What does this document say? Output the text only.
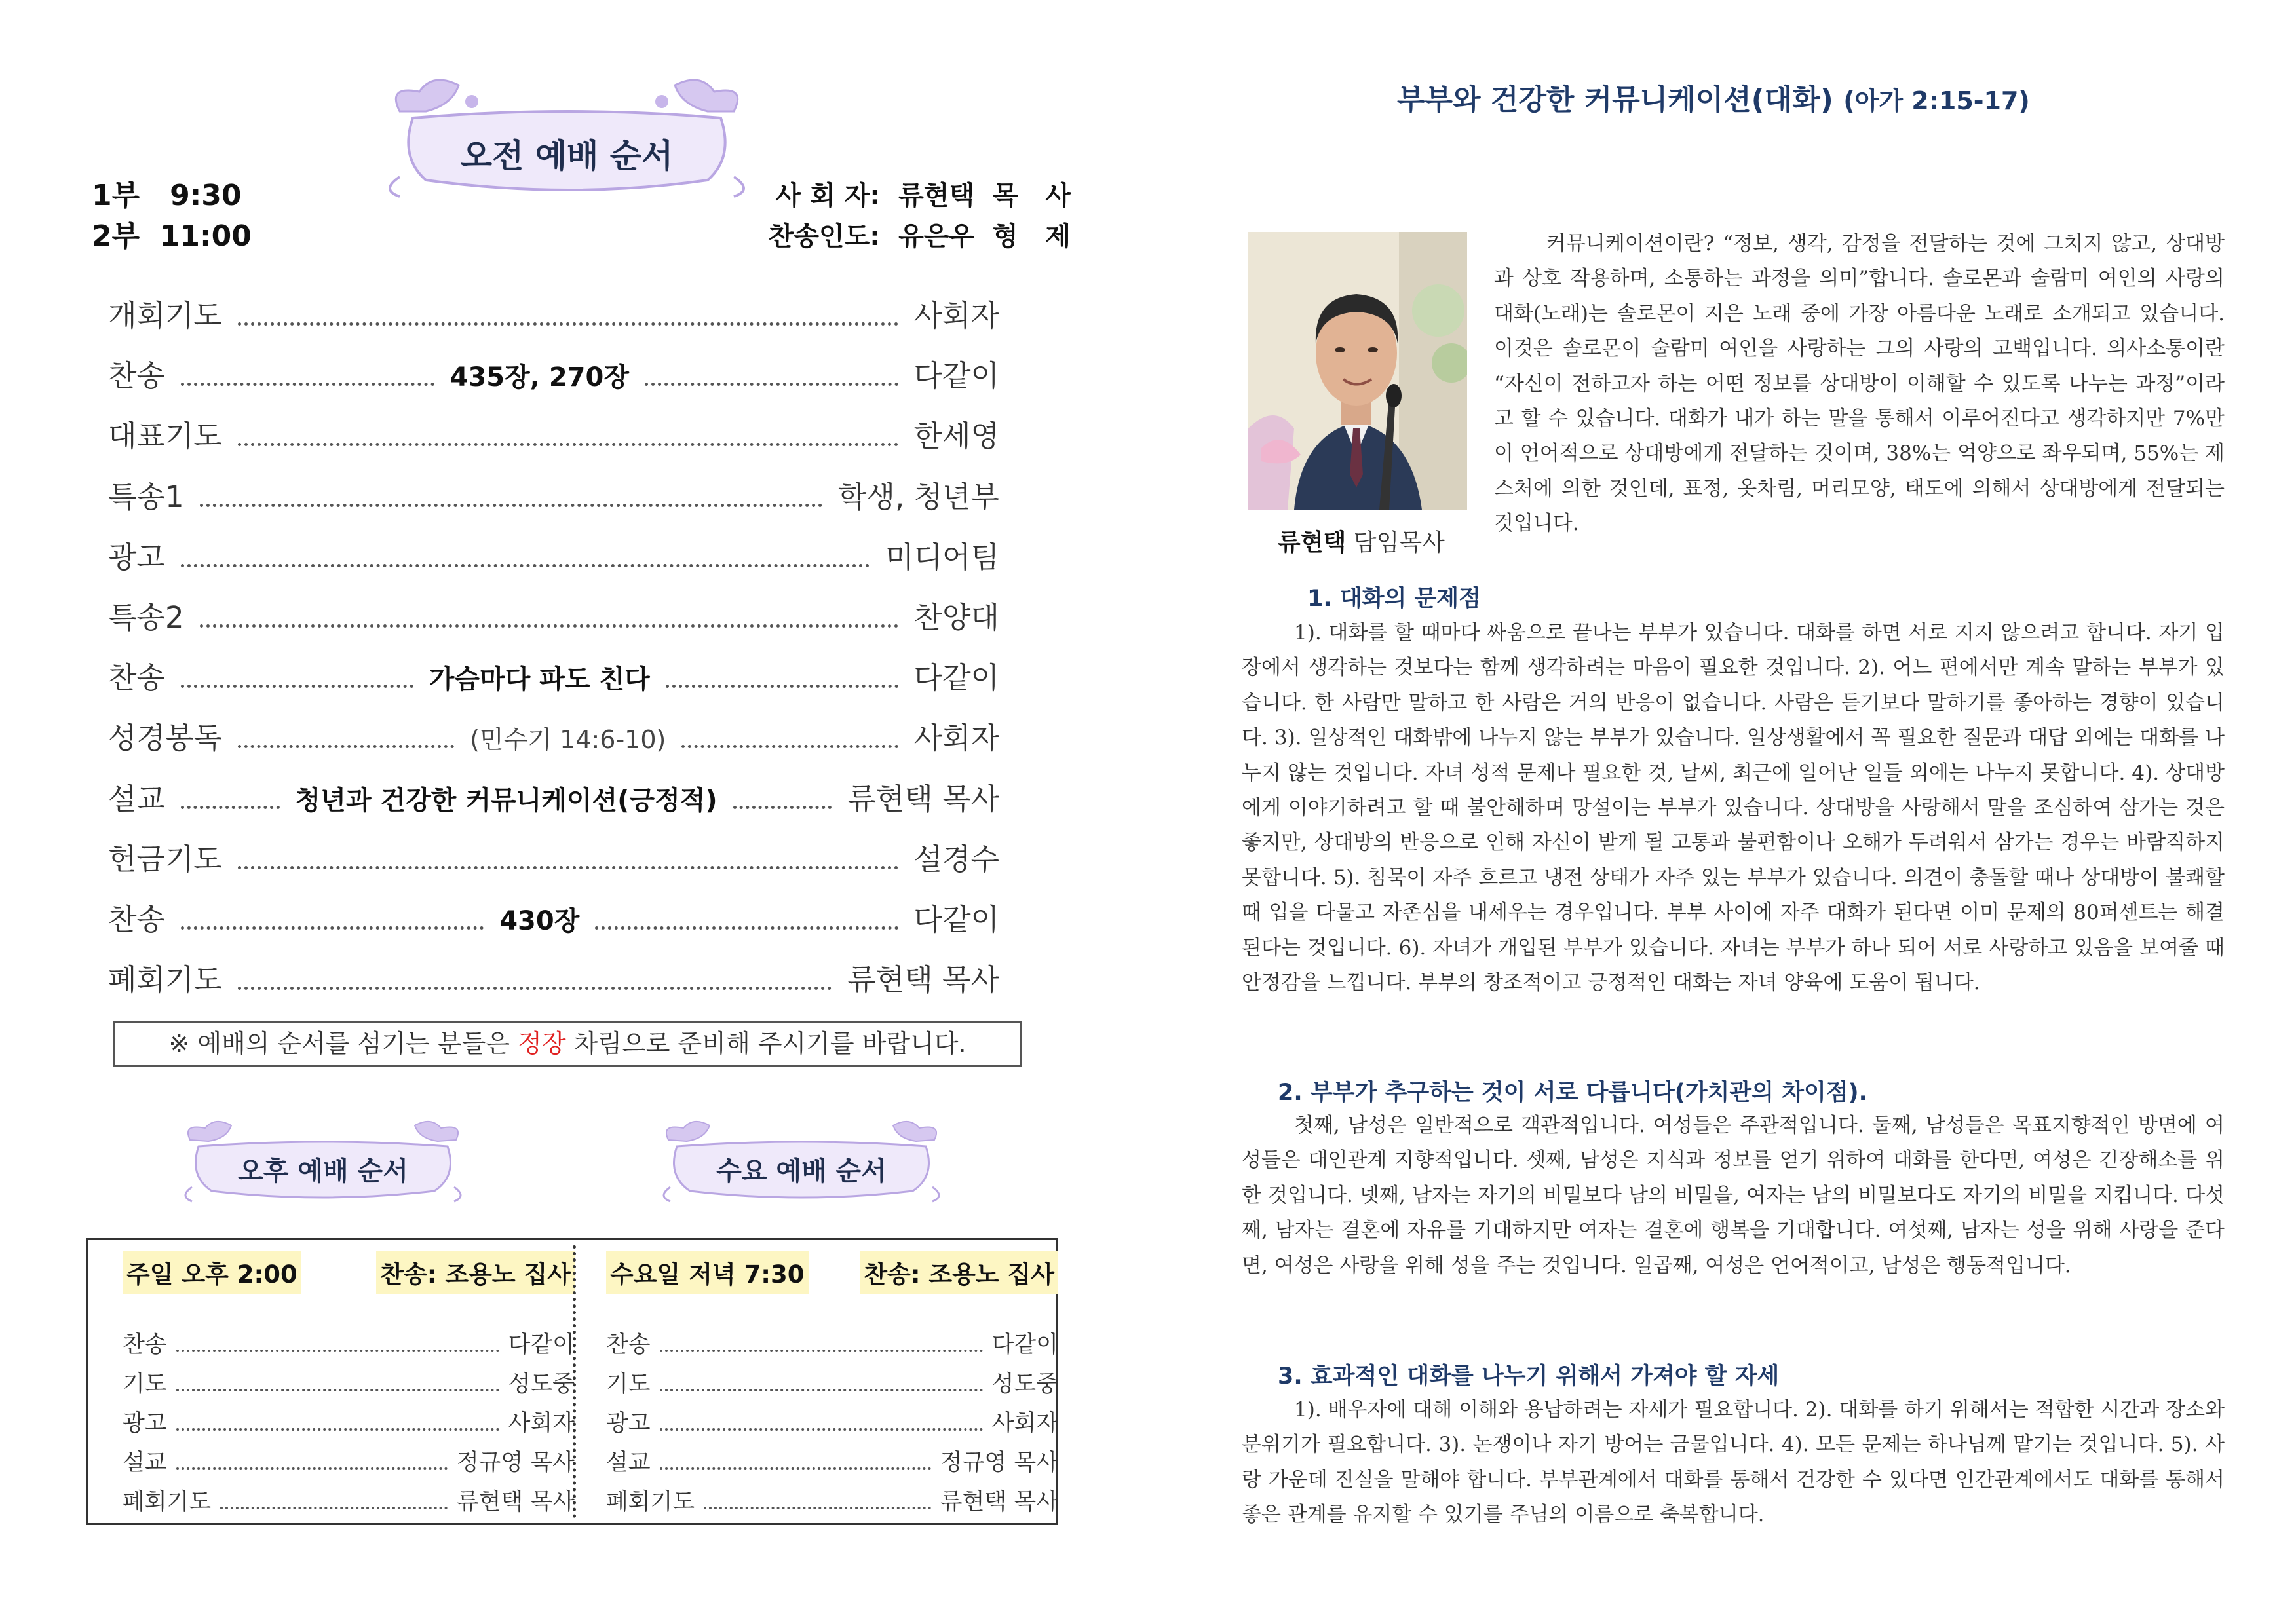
오전 예배 순서
1부   9:30
2부  11:00
사 회 자:  류현택  목   사
찬송인도:  유은우  형   제
개회기도	사회자
찬송	435장, 270장	다같이
대표기도	한세영
특송1	학생, 청년부
광고	미디어팀
특송2	찬양대
찬송	가슴마다 파도 친다	다같이
성경봉독	(민수기 14:6-10)	사회자
설교	청년과 건강한 커뮤니케이션(긍정적)	류현택 목사
헌금기도	설경수
찬송	430장	다같이
폐회기도	류현택 목사
※ 예배의 순서를 섬기는 분들은 정장 차림으로 준비해 주시기를 바랍니다.
오후 예배 순서	수요 예배 순서
주일 오후 2:00	찬송: 조용노 집사
찬송	다같이
기도	성도중
광고	사회자
설교	정규영 목사
폐회기도	류현택 목사
수요일 저녁 7:30 찬송: 조용노 집사
찬송	다같이
기도	성도중
광고	사회자
설교	정규영 목사
폐회기도	류현택 목사
부부와 건강한 커뮤니케이션(대화) (아가 2:15-17)
류현택 담임목사

커뮤니케이션이란? “정보, 생각, 감정을 전달하는 것에 그치지 않고, 상대방과 상호 작용하며, 소통하는 과정을 의미”합니다. 솔로몬과 술람미 여인의 사랑의 대화(노래)는 솔로몬이 지은 노래 중에 가장 아름다운 노래로 소개되고 있습니다. 이것은 솔로몬이 술람미 여인을 사랑하는 그의 사랑의 고백입니다. 의사소통이란 “자신이 전하고자 하는 어떤 정보를 상대방이 이해할 수 있도록 나누는 과정”이라고 할 수 있습니다. 대화가 내가 하는 말을 통해서 이루어진다고 생각하지만 7%만이 언어적으로 상대방에게 전달하는 것이며, 38%는 억양으로 좌우되며, 55%는 제스처에 의한 것인데, 표정, 옷차림, 머리모양, 태도에 의해서 상대방에게 전달되는 것입니다.

1. 대화의 문제점

1). 대화를 할 때마다 싸움으로 끝나는 부부가 있습니다. 대화를 하면 서로 지지 않으려고 합니다. 자기 입장에서 생각하는 것보다는 함께 생각하려는 마음이 필요한 것입니다. 2). 어느 편에서만 계속 말하는 부부가 있습니다. 한 사람만 말하고 한 사람은 거의 반응이 없습니다. 사람은 듣기보다 말하기를 좋아하는 경향이 있습니다. 3). 일상적인 대화밖에 나누지 않는 부부가 있습니다. 일상생활에서 꼭 필요한 질문과 대답 외에는 대화를 나누지 않는 것입니다. 자녀 성적 문제나 필요한 것, 날씨, 최근에 일어난 일들 외에는 나누지 못합니다. 4). 상대방에게 이야기하려고 할 때 불안해하며 망설이는 부부가 있습니다. 상대방을 사랑해서 말을 조심하여 삼가는 것은 좋지만, 상대방의 반응으로 인해 자신이 받게 될 고통과 불편함이나 오해가 두려워서 삼가는 경우는 바람직하지 못합니다. 5). 침묵이 자주 흐르고 냉전 상태가 자주 있는 부부가 있습니다. 의견이 충돌할 때나 상대방이 불쾌할 때 입을 다물고 자존심을 내세우는 경우입니다. 부부 사이에 자주 대화가 된다면 이미 문제의 80퍼센트는 해결된다는 것입니다. 6). 자녀가 개입된 부부가 있습니다. 자녀는 부부가 하나 되어 서로 사랑하고 있음을 보여줄 때 안정감을 느낍니다. 부부의 창조적이고 긍정적인 대화는 자녀 양육에 도움이 됩니다.

2. 부부가 추구하는 것이 서로 다릅니다(가치관의 차이점).

첫째, 남성은 일반적으로 객관적입니다. 여성들은 주관적입니다. 둘째, 남성들은 목표지향적인 방면에 여성들은 대인관계 지향적입니다. 셋째, 남성은 지식과 정보를 얻기 위하여 대화를 한다면, 여성은 긴장해소를 위한 것입니다. 넷째, 남자는 자기의 비밀보다 남의 비밀을, 여자는 남의 비밀보다도 자기의 비밀을 지킵니다. 다섯째, 남자는 결혼에 자유를 기대하지만 여자는 결혼에 행복을 기대합니다. 여섯째, 남자는 성을 위해 사랑을 준다면, 여성은 사랑을 위해 성을 주는 것입니다. 일곱째, 여성은 언어적이고, 남성은 행동적입니다.

3. 효과적인 대화를 나누기 위해서 가져야 할 자세

1). 배우자에 대해 이해와 용납하려는 자세가 필요합니다. 2). 대화를 하기 위해서는 적합한 시간과 장소와 분위기가 필요합니다. 3). 논쟁이나 자기 방어는 금물입니다. 4). 모든 문제는 하나님께 맡기는 것입니다. 5). 사랑 가운데 진실을 말해야 합니다. 부부관계에서 대화를 통해서 건강한 수 있다면 인간관계에서도 대화를 통해서 좋은 관계를 유지할 수 있기를 주님의 이름으로 축복합니다.
